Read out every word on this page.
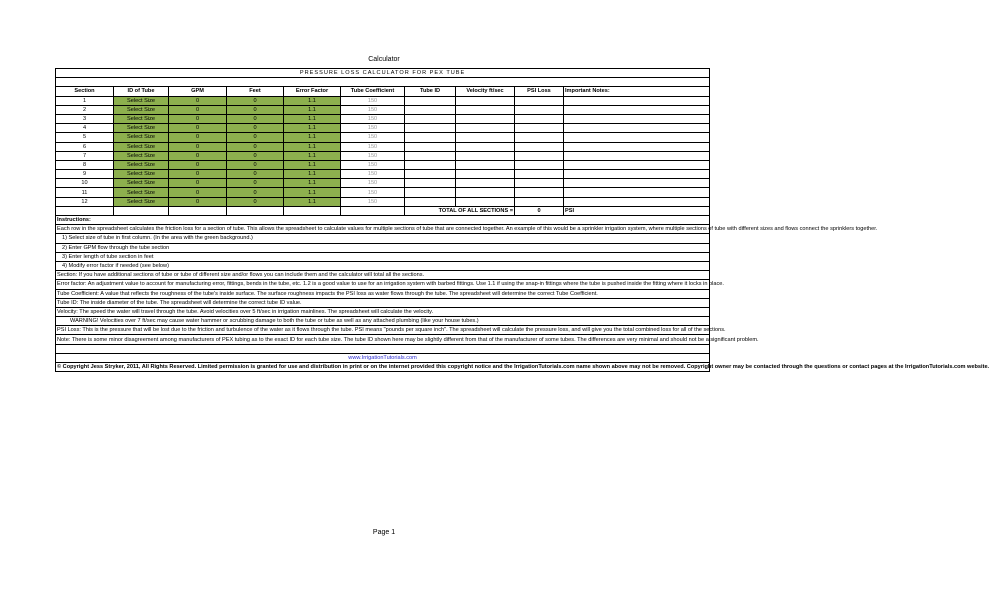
Calculator
PRESSURE LOSS CALCULATOR FOR PEX TUBE									

Section	ID of Tube	GPM	Feet	Error Factor	Tube Coefficient	Tube ID	Velocity ft/sec	PSI Loss	Important Notes:
1	Select Size	0	0	1.1	150				
2	Select Size	0	0	1.1	150				
3	Select Size	0	0	1.1	150				
4	Select Size	0	0	1.1	150				
5	Select Size	0	0	1.1	150				
6	Select Size	0	0	1.1	150				
7	Select Size	0	0	1.1	150				
8	Select Size	0	0	1.1	150				
9	Select Size	0	0	1.1	150				
10	Select Size	0	0	1.1	150				
11	Select Size	0	0	1.1	150				
12	Select Size	0	0	1.1	150				
						TOTAL OF ALL SECTIONS =		0	PSI
Instructions:									
Each row in the spreadsheet calculates the friction loss for a section of tube. This allows the spreadsheet to calculate values for multiple sections of tube that are connected together. An example of this would be a sprinkler irrigation system, where multiple sections of tube with different sizes and flows connect the sprinklers together.									
1) Select size of tube in first column. (In the area with the green background.)									
2) Enter GPM flow through the tube section									
3) Enter length of tube section in feet									
4) Modify error factor if needed (see below)									
Section: If you have additional sections of tube or tube of different size and/or flows you can include them and the calculator will total all the sections.									
Error factor: An adjustment value to account for manufacturing error, fittings, bends in the tube, etc. 1.2 is a good value to use for an irrigation system with barbed fittings. Use 1.1 if using the snap-in fittings where the tube is pushed inside the fitting where it locks in place.									
Tube Coefficient: A value that reflects the roughness of the tube's inside surface. The surface roughness impacts the PSI loss as water flows through the tube. The spreadsheet will determine the correct Tube Coefficient.									
Tube ID: The inside diameter of the tube. The spreadsheet will determine the correct tube ID value.									
Velocity: The speed the water will travel through the tube. Avoid velocities over 5 ft/sec in irrigation mainlines. The spreadsheet will calculate the velocity.									
WARNING! Velocities over 7 ft/sec may cause water hammer or scrubbing damage to both the tube or tube as well as any attached plumbing (like your house tubes.)									
PSI Loss: This is the pressure that will be lost due to the friction and turbulence of the water as it flows through the tube. PSI means "pounds per square inch". The spreadsheet will calculate the pressure loss, and will give you the total combined loss for all of the sections.									
Note: There is some minor disagreement among manufacturers of PEX tubing as to the exact ID for each tube size. The tube ID shown here may be slightly different from that of the manufacturer of some tubes. The differences are very minimal and should not be a significant problem.									

www.IrrigationTutorials.com									
© Copyright Jess Stryker, 2011, All Rights Reserved. Limited permission is granted for use and distribution in print or on the internet provided this copyright notice and the IrrigationTutorials.com name shown above may not be removed. Copyright owner may be contacted through the questions or contact pages at the IrrigationTutorials.com website.									
Page 1
